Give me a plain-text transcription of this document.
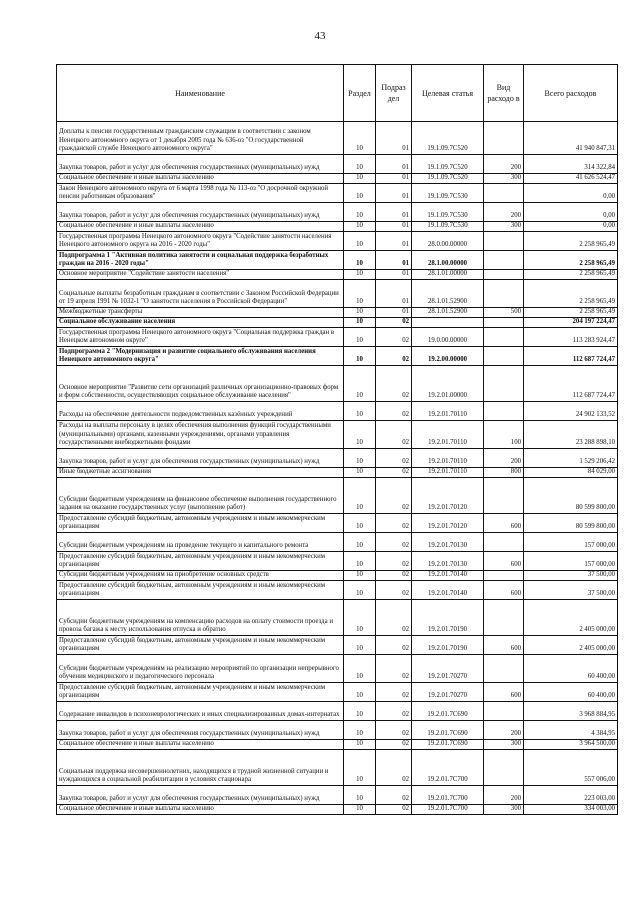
43
Наименование	Раздел	Подраз дел	Целевая статья	Вид расходо в	Всего расходов
Доплаты к пенсии государственным гражданским служащим в соответствии с законом Ненецкого автономного округа от 1 декабря 2005 года № 636-оз "О государственной гражданской службе Ненецкого автономного округа"	10	01	19.1.09.7С520		41 940 847,31
Закупка товаров, работ и услуг для обеспечения государственных (муниципальных) нужд	10	01	19.1.09.7С520	200	314 322,84
Социальное обеспечение и иные выплаты населению	10	01	19.1.09.7С520	300	41 626 524,47
Закон Ненецкого автономного округа от 6 марта 1998 года № 113-оз "О досрочной окружной пенсии работникам образования"	10	01	19.1.09.7С530		0,00
Закупка товаров, работ и услуг для обеспечения государственных (муниципальных) нужд	10	01	19.1.09.7С530	200	0,00
Социальное обеспечение и иные выплаты населению	10	01	19.1.09.7С530	300	0,00
Государственная программа Ненецкого автономного округа "Содействие занятости населения Ненецкого автономного округа на 2016 - 2020 годы"	10	01	28.0.00.00000		2 258 965,49
Подпрограмма 1 "Активная политика занятости и социальная поддержка безработных граждан на 2016 - 2020 годы"	10	01	28.1.00.00000		2 258 965,49
Основное мероприятие "Содействие занятости населения"	10	01	28.1.01.00000		2 258 965,49
Социальные выплаты безработным гражданам в соответствии с Законом Российской Федерации от 19 апреля 1991 № 1032-1 "О занятости населения в Российской Федерации"	10	01	28.1.01.52900		2 258 965,49
Межбюджетные трансферты	10	01	28.1.01.52900	500	2 258 965,49
Социальное обслуживание населения	10	02			204 197 224,47
Государственная программа Ненецкого автономного округа "Социальная поддержка граждан в Ненецком автономном округе"	10	02	19.0.00.00000		113 283 924,47
Подпрограмма 2 "Модернизация и развитие социального обслуживания населения Ненецкого автономного округа"	10	02	19.2.00.00000		112 687 724,47
Основное мероприятие "Развитие сети организаций различных организационно-правовых форм и форм собственности, осуществляющих социальное обслуживание населения"	10	02	19.2.01.00000		112 687 724,47
Расходы на обеспечение деятельности подведомственных казённых учреждений	10	02	19.2.01.70110		24 902 133,52
Расходы на выплаты персоналу в целях обеспечения выполнения функций государственными (муниципальными) органами, казенными учреждениями, органами управления государственными внебюджетными фондами	10	02	19.2.01.70110	100	23 288 898,10
Закупка товаров, работ и услуг для обеспечения государственных (муниципальных) нужд	10	02	19.2.01.70110	200	1 529 206,42
Иные бюджетные ассигнования	10	02	19.2.01.70110	800	84 029,00
Субсидии бюджетным учреждениям на финансовое обеспечение выполнения государственного задания на оказание государственных услуг (выполнение работ)	10	02	19.2.01.70120		80 599 800,00
Предоставление субсидий бюджетным, автономным учреждениям и иным некоммерческим организациям	10	02	19.2.01.70120	600	80 599 800,00
Субсидии бюджетным учреждениям на проведение текущего и капитального ремонта	10	02	19.2.01.70130		157 000,00
Предоставление субсидий бюджетным, автономным учреждениям и иным некоммерческим организациям	10	02	19.2.01.70130	600	157 000,00
Субсидии бюджетным учреждениям на приобретение основных средств	10	02	19.2.01.70140		37 500,00
Предоставление субсидий бюджетным, автономным учреждениям и иным некоммерческим организациям	10	02	19.2.01.70140	600	37 500,00
Субсидии бюджетным учреждениям на компенсацию расходов на оплату стоимости проезда и провоза багажа к месту использования отпуска и обратно	10	02	19.2.01.70190		2 405 000,00
Предоставление субсидий бюджетным, автономным учреждениям и иным некоммерческим организациям	10	02	19.2.01.70190	600	2 405 000,00
Субсидии бюджетным учреждениям на реализацию мероприятий по организации непрерывного обучения медицинского и педагогического персонала	10	02	19.2.01.70270		60 400,00
Предоставление субсидий бюджетным, автономным учреждениям и иным некоммерческим организациям	10	02	19.2.01.70270	600	60 400,00
Содержание инвалидов в психоневрологических и иных специализированных домах-интернатах	10	02	19.2.01.7С690		3 968 884,95
Закупка товаров, работ и услуг для обеспечения государственных (муниципальных) нужд	10	02	19.2.01.7С690	200	4 384,95
Социальное обеспечение и иные выплаты населению	10	02	19.2.01.7С690	300	3 964 500,00
Социальная поддержка несовершеннолетних, находящихся в трудной жизненной ситуации и нуждающихся в социальной реабилитации в условиях стационара	10	02	19.2.01.7С700		557 006,00
Закупка товаров, работ и услуг для обеспечения государственных (муниципальных) нужд	10	02	19.2.01.7С700	200	223 003,00
Социальное обеспечение и иные выплаты населению	10	02	19.2.01.7С700	300	334 003,00
